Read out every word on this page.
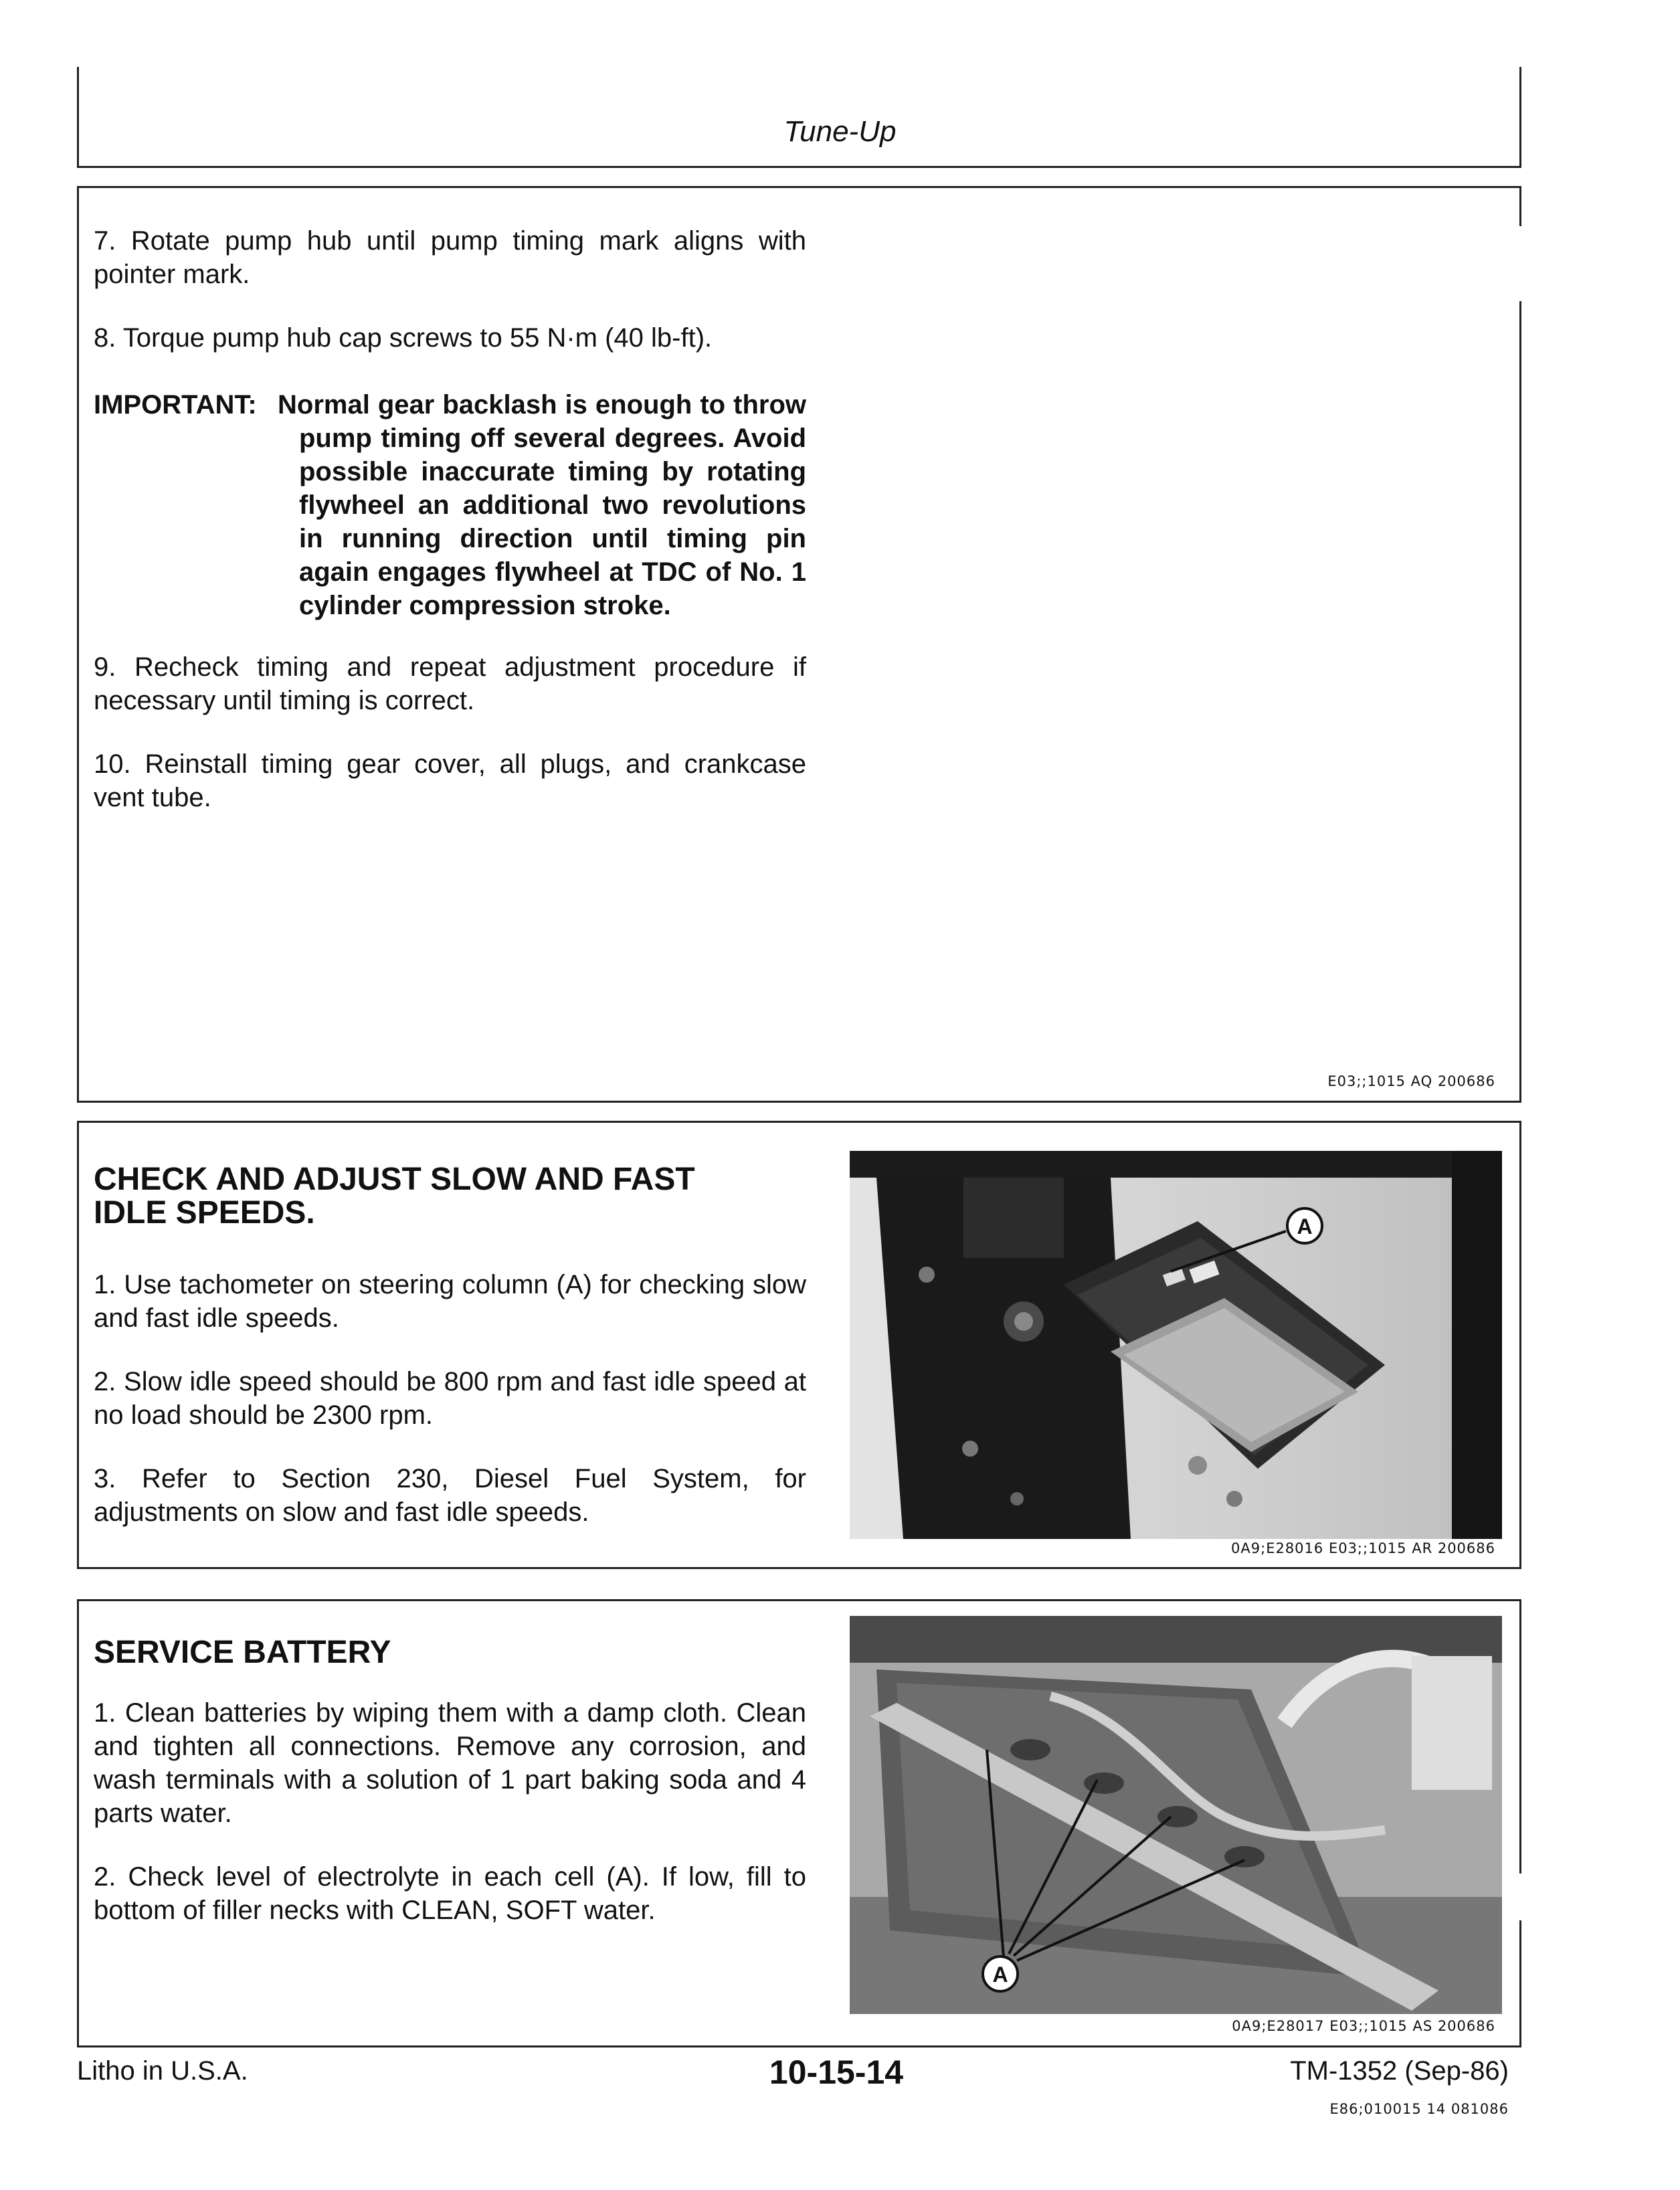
Tune-Up

7. Rotate pump hub until pump timing mark aligns with pointer mark.

8. Torque pump hub cap screws to 55 N·m (40 lb-ft).

IMPORTANT: Normal gear backlash is enough to throw pump timing off several degrees. Avoid possible inaccurate timing by rotating flywheel an additional two revolutions in running direction until timing pin again engages flywheel at TDC of No. 1 cylinder compression stroke.

9. Recheck timing and repeat adjustment procedure if necessary until timing is correct.

10. Reinstall timing gear cover, all plugs, and crankcase vent tube.

E03;;1015 AQ 200686
CHECK AND ADJUST SLOW AND FAST
IDLE SPEEDS.

1. Use tachometer on steering column (A) for checking slow and fast idle speeds.

2. Slow idle speed should be 800 rpm and fast idle speed at no load should be 2300 rpm.

3. Refer to Section 230, Diesel Fuel System, for adjustments on slow and fast idle speeds.

A
0A9;E28016 E03;;1015 AR 200686
SERVICE BATTERY

1. Clean batteries by wiping them with a damp cloth. Clean and tighten all connections. Remove any corrosion, and wash terminals with a solution of 1 part baking soda and 4 parts water.

2. Check level of electrolyte in each cell (A). If low, fill to bottom of filler necks with CLEAN, SOFT water.

A
0A9;E28017 E03;;1015 AS 200686
Litho in U.S.A.	10-15-14	TM-1352 (Sep-86)
E86;010015 14 081086
